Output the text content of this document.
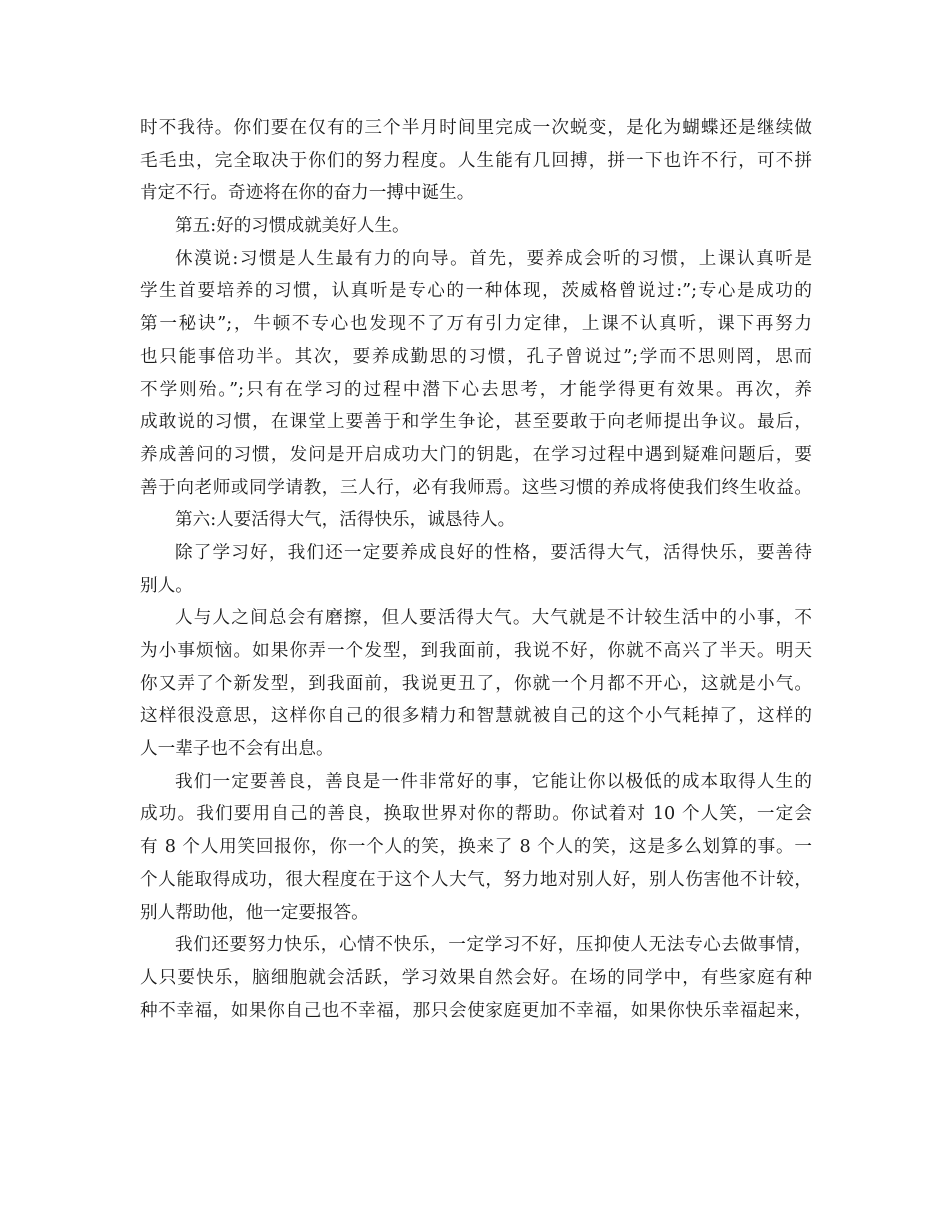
时不我待。你们要在仅有的三个半月时间里完成一次蜕变，是化为蝴蝶还是继续做
毛毛虫，完全取决于你们的努力程度。人生能有几回搏，拼一下也许不行，可不拼
肯定不行。奇迹将在你的奋力一搏中诞生。
第五:好的习惯成就美好人生。
休漠说:习惯是人生最有力的向导。首先，要养成会听的习惯，上课认真听是
学生首要培养的习惯，认真听是专心的一种体现，茨威格曾说过:”;专心是成功的
第一秘诀”;，牛顿不专心也发现不了万有引力定律，上课不认真听，课下再努力
也只能事倍功半。其次，要养成勤思的习惯，孔子曾说过”;学而不思则罔，思而
不学则殆。”;只有在学习的过程中潜下心去思考，才能学得更有效果。再次，养
成敢说的习惯，在课堂上要善于和学生争论，甚至要敢于向老师提出争议。最后，
养成善问的习惯，发问是开启成功大门的钥匙，在学习过程中遇到疑难问题后，要
善于向老师或同学请教，三人行，必有我师焉。这些习惯的养成将使我们终生收益。
第六:人要活得大气，活得快乐，诚恳待人。
除了学习好，我们还一定要养成良好的性格，要活得大气，活得快乐，要善待
别人。
人与人之间总会有磨擦，但人要活得大气。大气就是不计较生活中的小事，不
为小事烦恼。如果你弄一个发型，到我面前，我说不好，你就不高兴了半天。明天
你又弄了个新发型，到我面前，我说更丑了，你就一个月都不开心，这就是小气。
这样很没意思，这样你自己的很多精力和智慧就被自己的这个小气耗掉了，这样的
人一辈子也不会有出息。
我们一定要善良，善良是一件非常好的事，它能让你以极低的成本取得人生的
成功。我们要用自己的善良，换取世界对你的帮助。你试着对 10 个人笑，一定会
有 8 个人用笑回报你，你一个人的笑，换来了 8 个人的笑，这是多么划算的事。一
个人能取得成功，很大程度在于这个人大气，努力地对别人好，别人伤害他不计较，
别人帮助他，他一定要报答。
我们还要努力快乐，心情不快乐，一定学习不好，压抑使人无法专心去做事情，
人只要快乐，脑细胞就会活跃，学习效果自然会好。在场的同学中，有些家庭有种
种不幸福，如果你自己也不幸福，那只会使家庭更加不幸福，如果你快乐幸福起来，
